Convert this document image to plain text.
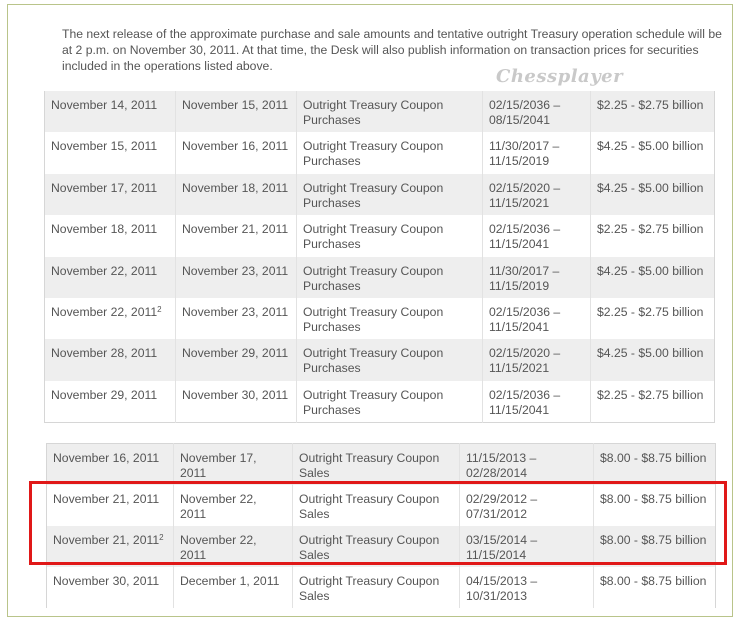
The next release of the approximate purchase and sale amounts and tentative outright Treasury operation schedule will be at 2 p.m. on November 30, 2011. At that time, the Desk will also publish information on transaction prices for securities included in the operations listed above.	Chessplayer
November 14, 2011	November 15, 2011	Outright Treasury Coupon Purchases	02/15/2036 –
08/15/2041	$2.25 - $2.75 billion
November 15, 2011	November 16, 2011	Outright Treasury Coupon Purchases	11/30/2017 –
11/15/2019	$4.25 - $5.00 billion
November 17, 2011	November 18, 2011	Outright Treasury Coupon Purchases	02/15/2020 –
11/15/2021	$4.25 - $5.00 billion
November 18, 2011	November 21, 2011	Outright Treasury Coupon Purchases	02/15/2036 –
11/15/2041	$2.25 - $2.75 billion
November 22, 2011	November 23, 2011	Outright Treasury Coupon Purchases	11/30/2017 –
11/15/2019	$4.25 - $5.00 billion
November 22, 2011$^2$	November 23, 2011	Outright Treasury Coupon Purchases	02/15/2036 –
11/15/2041	$2.25 - $2.75 billion
November 28, 2011	November 29, 2011	Outright Treasury Coupon Purchases	02/15/2020 –
11/15/2021	$4.25 - $5.00 billion
November 29, 2011	November 30, 2011	Outright Treasury Coupon Purchases	02/15/2036 –
11/15/2041	$2.25 - $2.75 billion
November 16, 2011	November 17, 2011	Outright Treasury Coupon Sales	11/15/2013 –
02/28/2014	$8.00 - $8.75 billion
November 21, 2011	November 22, 2011	Outright Treasury Coupon Sales	02/29/2012 –
07/31/2012	$8.00 - $8.75 billion
November 21, 2011$^2$	November 22, 2011	Outright Treasury Coupon Sales	03/15/2014 –
11/15/2014	$8.00 - $8.75 billion
November 30, 2011	December 1, 2011	Outright Treasury Coupon Sales	04/15/2013 –
10/31/2013	$8.00 - $8.75 billion
